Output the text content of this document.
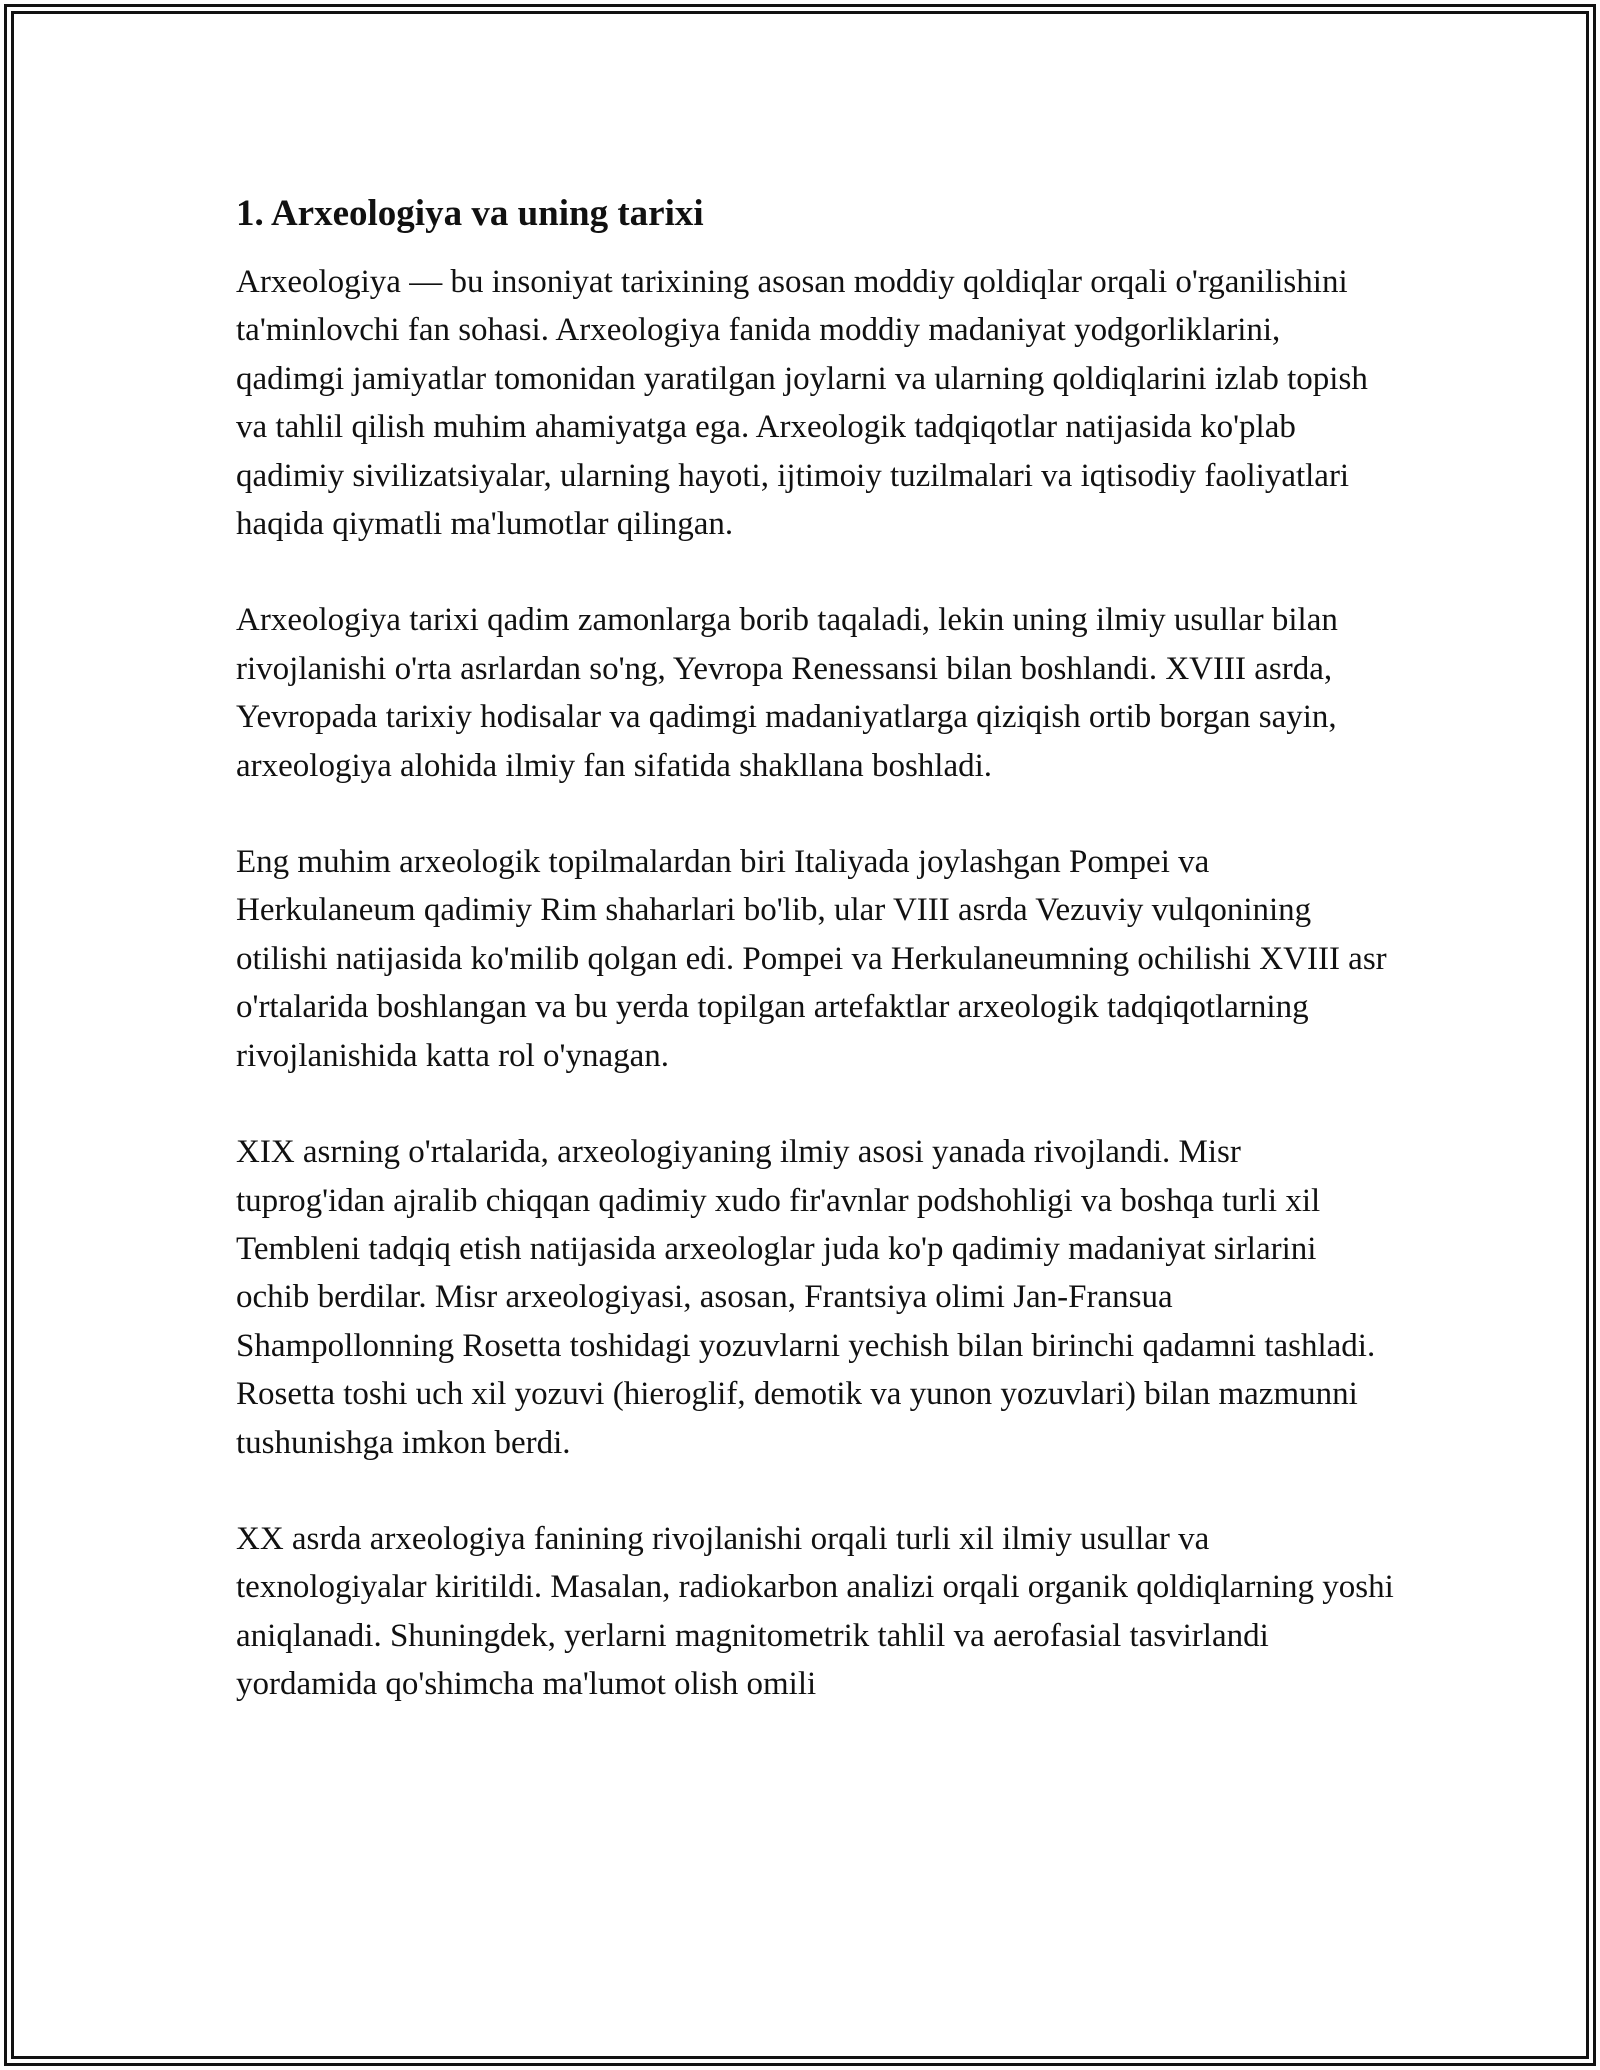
1. Arxeologiya va uning tarixi

Arxeologiya — bu insoniyat tarixining asosan moddiy qoldiqlar orqali o'rganilishini ta'minlovchi fan sohasi. Arxeologiya fanida moddiy madaniyat yodgorliklarini, qadimgi jamiyatlar tomonidan yaratilgan joylarni va ularning qoldiqlarini izlab topish va tahlil qilish muhim ahamiyatga ega. Arxeologik tadqiqotlar natijasida ko'plab qadimiy sivilizatsiyalar, ularning hayoti, ijtimoiy tuzilmalari va iqtisodiy faoliyatlari haqida qiymatli ma'lumotlar qilingan.

Arxeologiya tarixi qadim zamonlarga borib taqaladi, lekin uning ilmiy usullar bilan rivojlanishi o'rta asrlardan so'ng, Yevropa Renessansi bilan boshlandi. XVIII asrda, Yevropada tarixiy hodisalar va qadimgi madaniyatlarga qiziqish ortib borgan sayin, arxeologiya alohida ilmiy fan sifatida shakllana boshladi.

Eng muhim arxeologik topilmalardan biri Italiyada joylashgan Pompei va Herkulaneum qadimiy Rim shaharlari bo'lib, ular VIII asrda Vezuviy vulqonining otilishi natijasida ko'milib qolgan edi. Pompei va Herkulaneumning ochilishi XVIII asr o'rtalarida boshlangan va bu yerda topilgan artefaktlar arxeologik tadqiqotlarning rivojlanishida katta rol o'ynagan.

XIX asrning o'rtalarida, arxeologiyaning ilmiy asosi yanada rivojlandi. Misr tuprog'idan ajralib chiqqan qadimiy xudo fir'avnlar podshohligi va boshqa turli xil Tembleni tadqiq etish natijasida arxeologlar juda ko'p qadimiy madaniyat sirlarini ochib berdilar. Misr arxeologiyasi, asosan, Frantsiya olimi Jan-Fransua Shampollonning Rosetta toshidagi yozuvlarni yechish bilan birinchi qadamni tashladi. Rosetta toshi uch xil yozuvi (hieroglif, demotik va yunon yozuvlari) bilan mazmunni tushunishga imkon berdi.

XX asrda arxeologiya fanining rivojlanishi orqali turli xil ilmiy usullar va texnologiyalar kiritildi. Masalan, radiokarbon analizi orqali organik qoldiqlarning yoshi aniqlanadi. Shuningdek, yerlarni magnitometrik tahlil va aerofasial tasvirlandi yordamida qo'shimcha ma'lumot olish omili
